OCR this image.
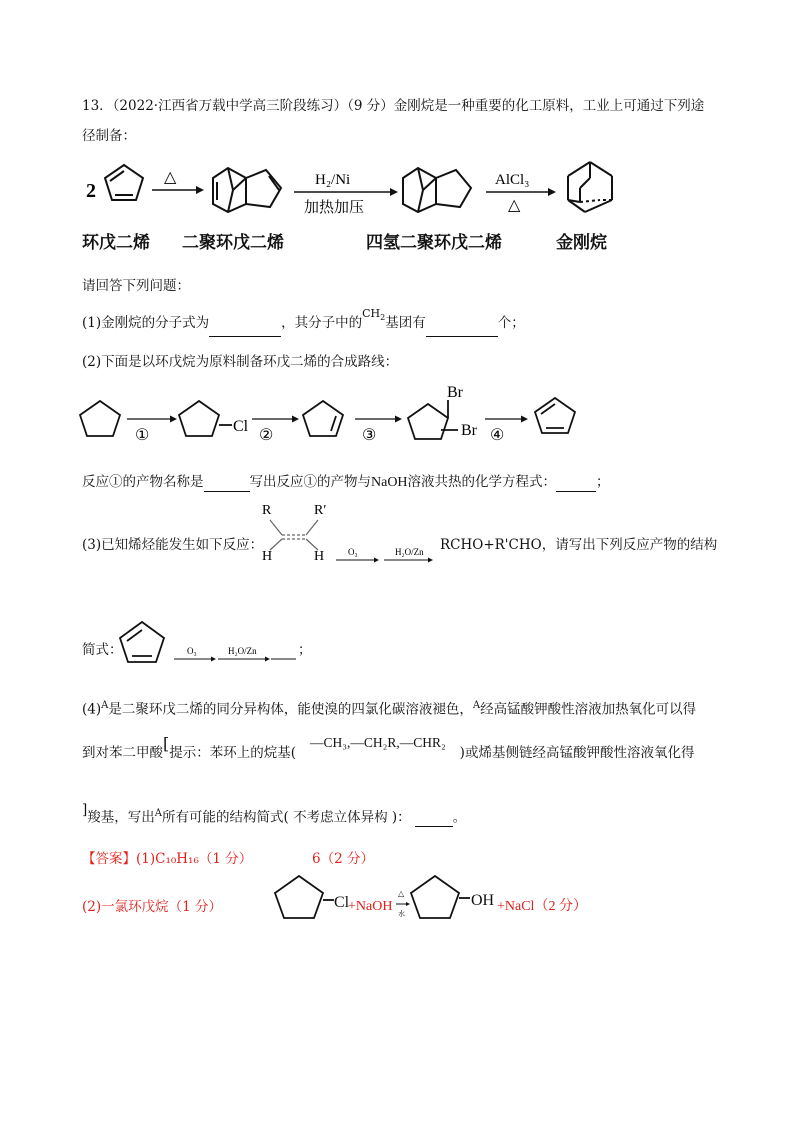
13．（2022·江西省万载中学高三阶段练习）（9 分）金刚烷是一种重要的化工原料，工业上可通过下列途
径制备：
2
△	H₂/Ni
加热加压
AlCl₃
△
环戊二烯 二聚环戊二烯	四氢二聚环戊二烯	金刚烷
请回答下列问题：
(1)金刚烷的分子式为	，其分子中的$^{CH_2}$基团有	个；
(2)下面是以环戊烷为原料制备环戊二烯的合成路线：
①
Cl
②	③
Br
Br ④
反应①的产物名称是	写出反应①的产物与NaOH溶液共热的化学方程式：	；
(3)已知烯烃能发生如下反应：
R	R′
H	H	O₃	H₂O/Zn RCHO+R'CHO，请写出下列反应产物的结构
简式：	O₃	H₂O/Zn	；
$(4)^A$是二聚环戊二烯的同分异构体，能使溴的四氯化碳溶液褪色，$^A$经高锰酸钾酸性溶液加热氧化可以得
到对苯二甲酸[提示：苯环上的烷基(—CH₃,—CH₂R,—CHR₂)或烯基侧链经高锰酸钾酸性溶液氧化得
]羧基，写出$^A$所有可能的结构简式( 不考虑立体异构 )：	。
【答案】(1)C₁₀H₁₆（1 分）	6（2 分）
(2)一氯环戊烷（1 分）	Cl
+NaOH
△
水
OH +NaCl（2 分）
